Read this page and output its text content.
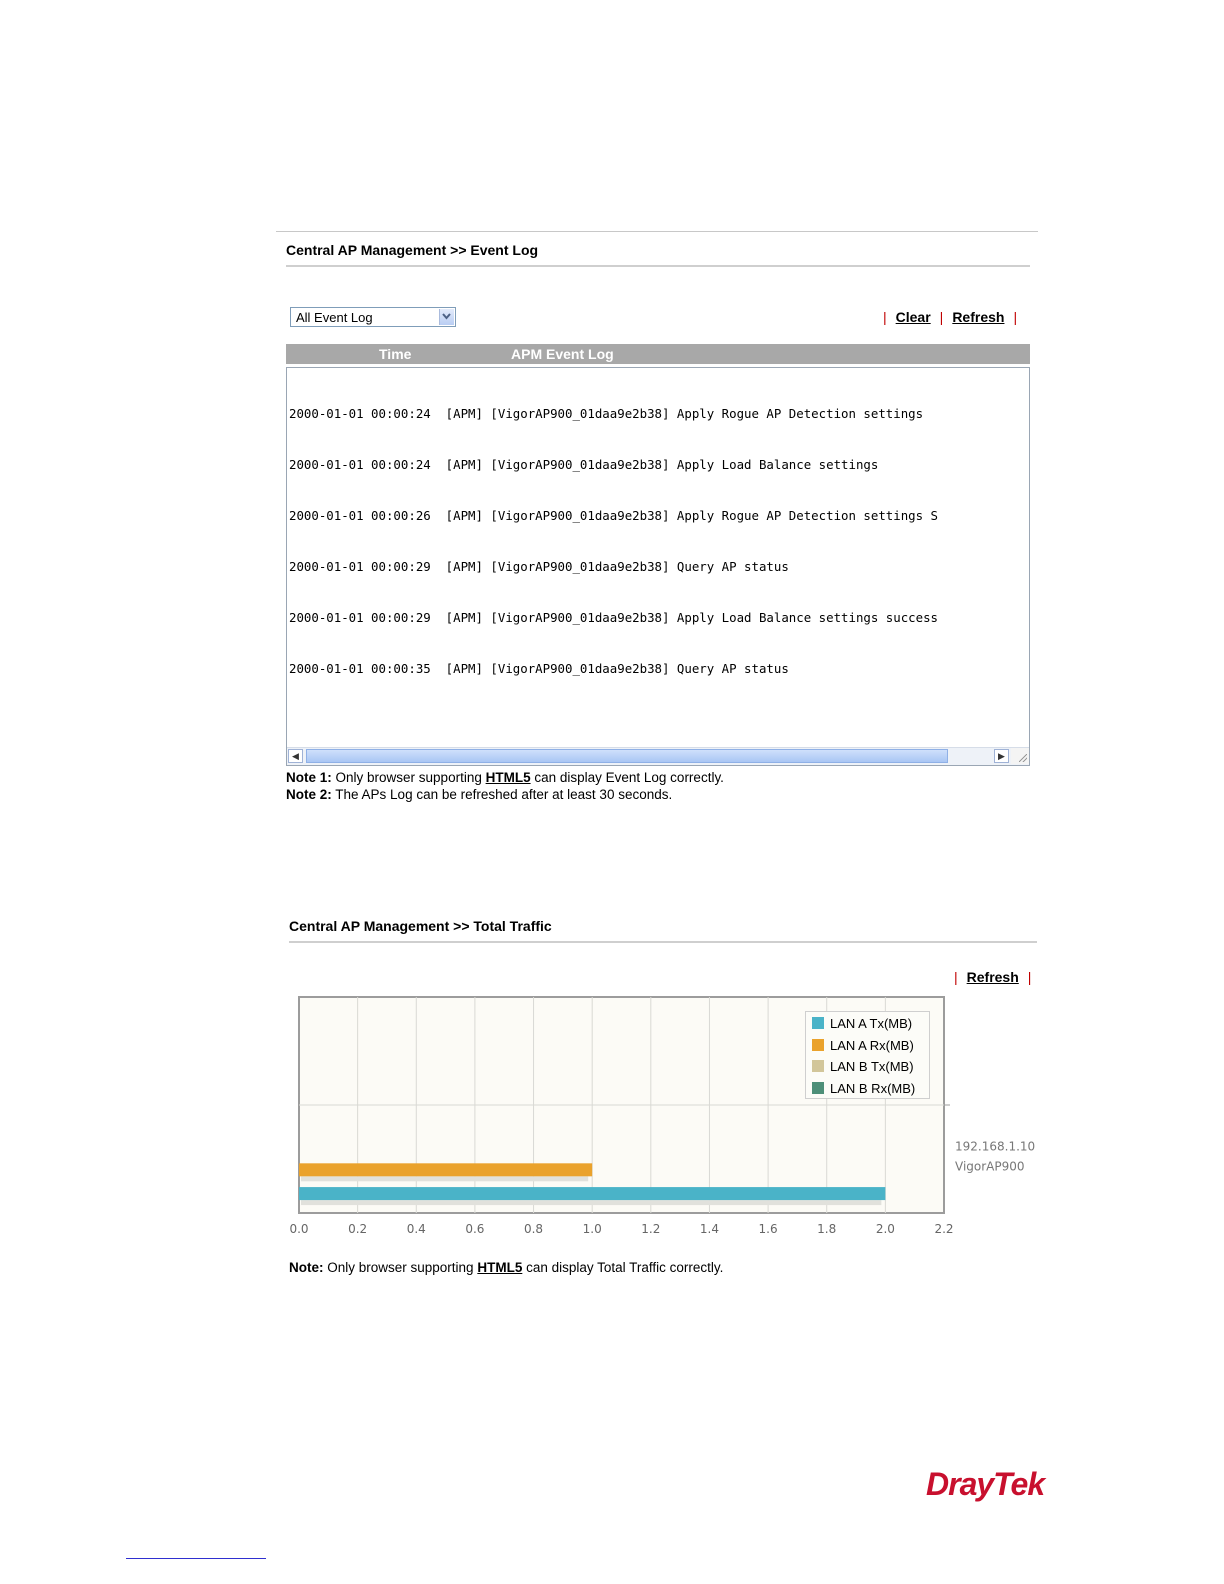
Central AP Management >> Event Log
All Event Log	| Clear | Refresh |
Time	APM Event Log

2000-01-01 00:00:24  [APM] [VigorAP900_01daa9e2b38] Apply Rogue AP Detection settings

2000-01-01 00:00:24  [APM] [VigorAP900_01daa9e2b38] Apply Load Balance settings

2000-01-01 00:00:26  [APM] [VigorAP900_01daa9e2b38] Apply Rogue AP Detection settings S

2000-01-01 00:00:29  [APM] [VigorAP900_01daa9e2b38] Query AP status

2000-01-01 00:00:29  [APM] [VigorAP900_01daa9e2b38] Apply Load Balance settings success

2000-01-01 00:00:35  [APM] [VigorAP900_01daa9e2b38] Query AP status

◀	▶
Note 1: Only browser supporting HTML5 can display Event Log correctly.
Note 2: The APs Log can be refreshed after at least 30 seconds.
Central AP Management >> Total Traffic
| Refresh |
0.0	0.2	0.4	0.6	0.8	1.0	1.2	1.4	1.6	1.8	2.0	2.2
192.168.1.10
VigorAP900
LAN A Tx(MB)
LAN A Rx(MB)
LAN B Tx(MB)
LAN B Rx(MB)
Note: Only browser supporting HTML5 can display Total Traffic correctly.
DrayTek
